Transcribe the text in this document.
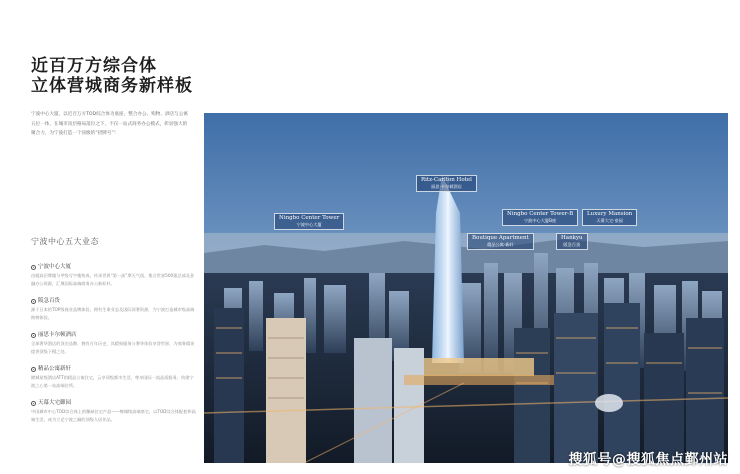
近百万方综合体
立体营城商务新样板

宁波中心大厦，以近百万方TOD综合体为底座，整合办公、购物、酒店与公寓五位一体，在城市顶层格局落位之下，不仅一站式商务办公模式，彰显强大的聚合力，为宁波打造一个顶级的“招牌号”！

宁波中心五大业态
宁波中心大厦
由超高层摩楼与甲级写字楼构成，传承世界“第一高”摩天气质，集合世界500强总部及金融办公资源，汇聚国际高端商务办公新标杆。
阪急百货
源于日本的TOP级商业品牌体验，拥有生命业态及国际顶奢资源，为宁波打造城市级高端购物体验。
丽思卡尔顿酒店
全球奢华酒店的顶尖品牌，拥有百年历史，其精致服务与奢华体验享誉世界，为商务精英提供顶级下榻之处。
精品公寓新轩
缔城星级酒店ATT的精品公寓住宅，云享顶级都市生活，尊享国际一流品质服务，构建宁波之心第一站高端住所。
天幕大宅御园
中国城市中心TOD综合体上的稀缺住宅产品——缔城级高端豪宅，以TOD综合体配套和高端生活，成为立足宁波之巅的顶级人居作品。
Ritz-Carlton Hotel
丽思·卡尔顿酒店
Ningbo Center Tower
宁波中心大厦
Ningbo Center Tower-B
宁波中心大厦B座
Luxury Mansion
天幕大宅·豪园
Boutique Apartment
精品公寓·新轩
Hankyu
阪急百货
搜狐号@搜狐焦点鄞州站
